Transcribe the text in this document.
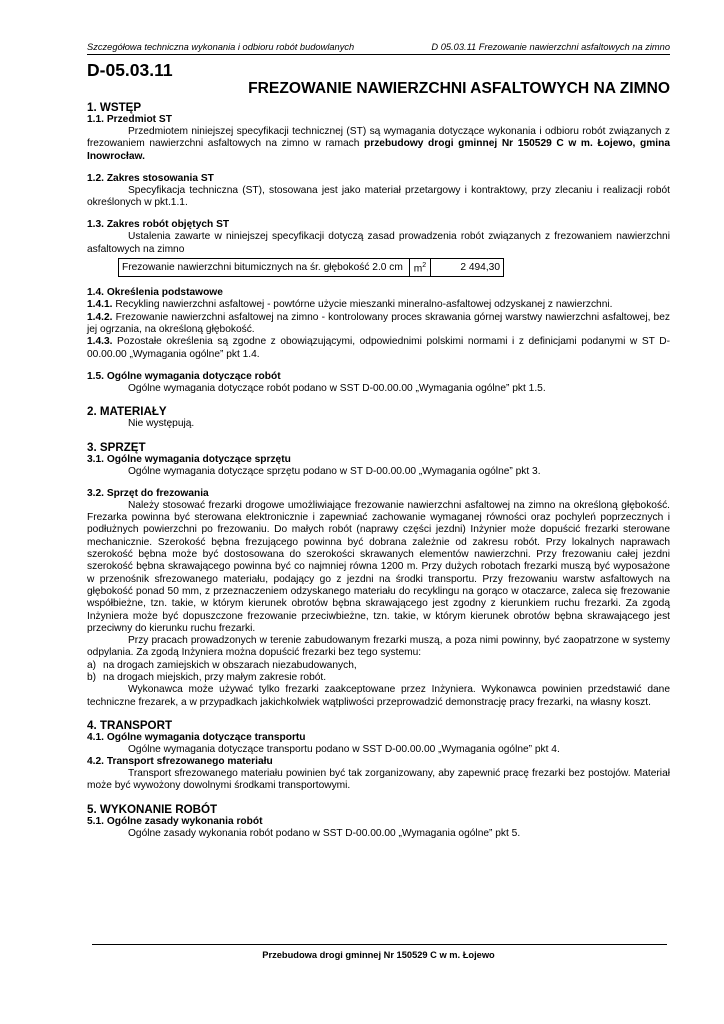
Szczegółowa techniczna wykonania i odbioru robót budowlanych	D 05.03.11 Frezowanie nawierzchni asfaltowych na zimno
D-05.03.11
FREZOWANIE NAWIERZCHNI ASFALTOWYCH NA ZIMNO
1. WSTĘP
1.1. Przedmiot ST
Przedmiotem niniejszej specyfikacji technicznej (ST) są wymagania dotyczące wykonania i odbioru robót związanych z frezowaniem nawierzchni asfaltowych na zimno w ramach przebudowy drogi gminnej Nr 150529 C w m. Łojewo, gmina Inowrocław.
1.2. Zakres stosowania ST
Specyfikacja techniczna (ST), stosowana jest jako materiał przetargowy i kontraktowy, przy zlecaniu i realizacji robót określonych w pkt.1.1.
1.3. Zakres robót objętych ST
Ustalenia zawarte w niniejszej specyfikacji dotyczą zasad prowadzenia robót związanych z frezowaniem nawierzchni asfaltowych na zimno
Frezowanie nawierzchni bitumicznych na śr. głębokość 2.0 cm	$m^2$	2 494,30
1.4. Określenia podstawowe
1.4.1. Recykling nawierzchni asfaltowej - powtórne użycie mieszanki mineralno-asfaltowej odzyskanej z nawierzchni.
1.4.2. Frezowanie nawierzchni asfaltowej na zimno - kontrolowany proces skrawania górnej warstwy nawierzchni asfaltowej, bez jej ogrzania, na określoną głębokość.
1.4.3. Pozostałe określenia są zgodne z obowiązującymi, odpowiednimi polskimi normami i z definicjami podanymi w ST D-00.00.00 „Wymagania ogólne” pkt 1.4.
1.5. Ogólne wymagania dotyczące robót
Ogólne wymagania dotyczące robót podano w SST D-00.00.00 „Wymagania ogólne” pkt 1.5.
2. MATERIAŁY
Nie występują.
3. SPRZĘT
3.1. Ogólne wymagania dotyczące sprzętu
Ogólne wymagania dotyczące sprzętu podano w ST D-00.00.00 „Wymagania ogólne” pkt 3.
3.2. Sprzęt do frezowania
Należy stosować frezarki drogowe umożliwiające frezowanie nawierzchni asfaltowej na zimno na określoną głębokość. Frezarka powinna być sterowana elektronicznie i zapewniać zachowanie wymaganej równości oraz pochyleń poprzecznych i podłużnych powierzchni po frezowaniu. Do małych robót (naprawy części jezdni) Inżynier może dopuścić frezarki sterowane mechanicznie. Szerokość bębna frezującego powinna być dobrana zależnie od zakresu robót. Przy lokalnych naprawach szerokość bębna może być dostosowana do szerokości skrawanych elementów nawierzchni. Przy frezowaniu całej jezdni szerokość bębna skrawającego powinna być co najmniej równa 1200 m. Przy dużych robotach frezarki muszą być wyposażone w przenośnik sfrezowanego materiału, podający go z jezdni na środki transportu. Przy frezowaniu warstw asfaltowych na głębokość ponad 50 mm, z przeznaczeniem odzyskanego materiału do recyklingu na gorąco w otaczarce, zaleca się frezowanie współbieżne, tzn. takie, w którym kierunek obrotów bębna skrawającego jest zgodny z kierunkiem ruchu frezarki. Za zgodą Inżyniera może być dopuszczone frezowanie przeciwbieżne, tzn. takie, w którym kierunek obrotów bębna skrawającego jest przeciwny do kierunku ruchu frezarki.
Przy pracach prowadzonych w terenie zabudowanym frezarki muszą, a poza nimi powinny, być zaopatrzone w systemy odpylania. Za zgodą Inżyniera można dopuścić frezarki bez tego systemu:
a) na drogach zamiejskich w obszarach niezabudowanych,
b) na drogach miejskich, przy małym zakresie robót.
Wykonawca może używać tylko frezarki zaakceptowane przez Inżyniera. Wykonawca powinien przedstawić dane techniczne frezarek, a w przypadkach jakichkolwiek wątpliwości przeprowadzić demonstrację pracy frezarki, na własny koszt.
4. TRANSPORT
4.1. Ogólne wymagania dotyczące transportu
Ogólne wymagania dotyczące transportu podano w SST D-00.00.00 „Wymagania ogólne” pkt 4.
4.2. Transport sfrezowanego materiału
Transport sfrezowanego materiału powinien być tak zorganizowany, aby zapewnić pracę frezarki bez postojów. Materiał może być wywożony dowolnymi środkami transportowymi.
5. WYKONANIE ROBÓT
5.1. Ogólne zasady wykonania robót
Ogólne zasady wykonania robót podano w SST D-00.00.00 „Wymagania ogólne” pkt 5.
Przebudowa drogi gminnej Nr 150529 C w m. Łojewo
